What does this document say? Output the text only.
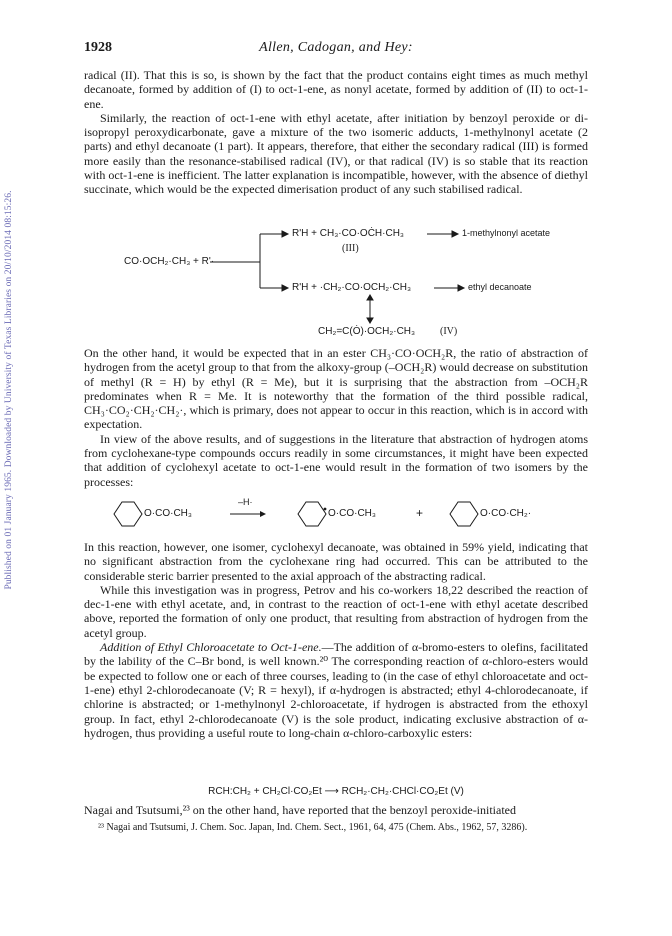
Published on 01 January 1965. Downloaded by University of Texas Libraries on 20/10/2014 08:15:26.
1928	Allen, Cadogan, and Hey:

radical (II). That this is so, is shown by the fact that the product contains eight times as much methyl decanoate, formed by addition of (I) to oct-1-ene, as nonyl acetate, formed by addition of (II) to oct-1-ene.

Similarly, the reaction of oct-1-ene with ethyl acetate, after initiation by benzoyl peroxide or di-isopropyl peroxydicarbonate, gave a mixture of the two isomeric adducts, 1-methylnonyl acetate (2 parts) and ethyl decanoate (1 part). It appears, therefore, that either the secondary radical (III) is formed more easily than the resonance-stabilised radical (IV), or that radical (IV) is so stable that its reaction with oct-1-ene is inefficient. The latter explanation is incompatible, however, with the absence of diethyl succinate, which would be the expected dimerisation product of any such stabilised radical.

CO·OCH₂·CH₃ + R'·
R'H + CH₃·CO·OĊH·CH₃
(III)
1-methylnonyl acetate
R'H + ·CH₂·CO·OCH₂·CH₃	ethyl decanoate
CH₂=C(Ȯ)·OCH₂·CH₃ (IV)

On the other hand, it would be expected that in an ester CH₃·CO·OCH₂R, the ratio of abstraction of hydrogen from the acetyl group to that from the alkoxy-group (–OCH₂R) would decrease on substitution of methyl (R = H) by ethyl (R = Me), but it is surprising that the abstraction from –OCH₂R predominates when R = Me. It is noteworthy that the formation of the third possible radical, CH₃·CO₂·CH₂·CH₂·, which is primary, does not appear to occur in this reaction, which is in accord with expectation.

In view of the above results, and of suggestions in the literature that abstraction of hydrogen atoms from cyclohexane-type compounds occurs readily in some circumstances, it might have been expected that addition of cyclohexyl acetate to oct-1-ene would result in the formation of two isomers by the processes:

O·CO·CH₃
–H·
O·CO·CH₃	+	O·CO·CH₂·

In this reaction, however, one isomer, cyclohexyl decanoate, was obtained in 59% yield, indicating that no significant abstraction from the cyclohexane ring had occurred. This can be attributed to the considerable steric barrier presented to the axial approach of the abstracting radical.

While this investigation was in progress, Petrov and his co-workers 18,22 described the reaction of dec-1-ene with ethyl acetate, and, in contrast to the reaction of oct-1-ene with ethyl acetate described above, reported the formation of only one product, that resulting from abstraction of hydrogen from the acetyl group.

Addition of Ethyl Chloroacetate to Oct-1-ene.—The addition of α-bromo-esters to olefins, facilitated by the lability of the C–Br bond, is well known.²⁰ The corresponding reaction of α-chloro-esters would be expected to follow one or each of three courses, leading to (in the case of ethyl chloroacetate and oct-1-ene) ethyl 2-chlorodecanoate (V; R = hexyl), if α-hydrogen is abstracted; ethyl 4-chlorodecanoate, if chlorine is abstracted; or 1-methylnonyl 2-chloroacetate, if hydrogen is abstracted from the ethoxyl group. In fact, ethyl 2-chlorodecanoate (V) is the sole product, indicating exclusive abstraction of α-hydrogen, thus providing a useful route to long-chain α-chloro-carboxylic esters:

RCH:CH₂ + CH₂Cl·CO₂Et ⟶ RCH₂·CH₂·CHCl·CO₂Et (V)

Nagai and Tsutsumi,²³ on the other hand, have reported that the benzoyl peroxide-initiated

²³ Nagai and Tsutsumi, J. Chem. Soc. Japan, Ind. Chem. Sect., 1961, 64, 475 (Chem. Abs., 1962, 57, 3286).
